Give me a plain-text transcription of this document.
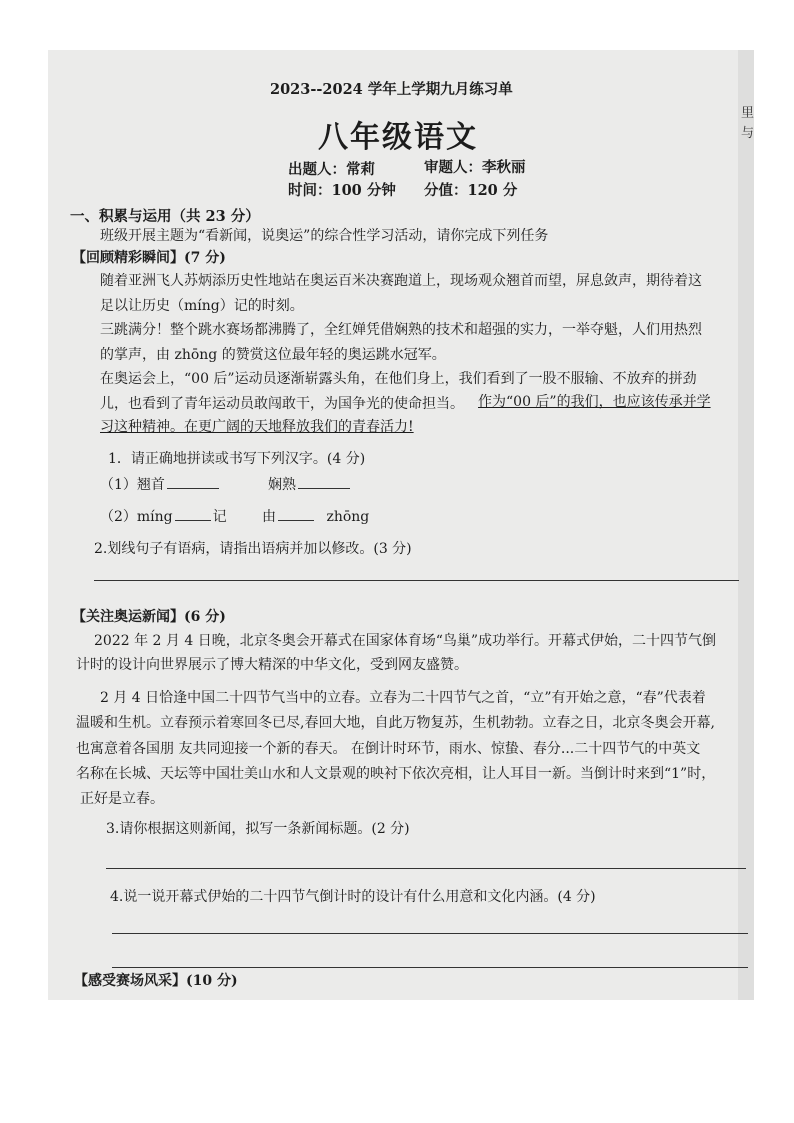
里
与
2023--2024 学年上学期九月练习单
八年级语文
出题人：常莉	审题人：李秋丽
时间：100 分钟 分值：120 分
一、积累与运用（共 23 分）
班级开展主题为“看新闻，说奥运”的综合性学习活动，请你完成下列任务
【回顾精彩瞬间】(7 分)
随着亚洲飞人苏炳添历史性地站在奥运百米决赛跑道上，现场观众翘首而望，屏息敛声，期待着这
足以让历史（míng）记的时刻。
三跳满分！整个跳水赛场都沸腾了，全红婵凭借娴熟的技术和超强的实力，一举夺魁，人们用热烈
的掌声，由 zhōng 的赞赏这位最年轻的奥运跳水冠军。
在奥运会上，“00 后”运动员逐渐崭露头角，在他们身上，我们看到了一股不服输、不放弃的拼劲
儿，也看到了青年运动员敢闯敢干，为国争光的使命担当。 作为“00 后”的我们，也应该传承并学
习这种精神。在更广阔的天地释放我们的青春活力!
1．请正确地拼读或书写下列汉字。(4 分)
（1）翘首	娴熟
（2）míng	记	由	zhōng
2.划线句子有语病，请指出语病并加以修改。(3 分)
【关注奥运新闻】(6 分)
2022 年 2 月 4 日晚，北京冬奥会开幕式在国家体育场“鸟巢”成功举行。开幕式伊始，二十四节气倒
计时的设计向世界展示了博大精深的中华文化，受到网友盛赞。
2 月 4 日恰逢中国二十四节气当中的立春。立春为二十四节气之首，“立”有开始之意，“春”代表着
温暖和生机。立春预示着寒回冬已尽,春回大地，自此万物复苏，生机勃勃。立春之日，北京冬奥会开幕,
也寓意着各国朋 友共同迎接一个新的春天。 在倒计时环节，雨水、惊蛰、春分...二十四节气的中英文
名称在长城、天坛等中国壮美山水和人文景观的映衬下依次亮相，让人耳目一新。当倒计时来到“1”时，
正好是立春。
3.请你根据这则新闻，拟写一条新闻标题。(2 分)
4.说一说开幕式伊始的二十四节气倒计时的设计有什么用意和文化内涵。(4 分)
【感受赛场风采】(10 分)
